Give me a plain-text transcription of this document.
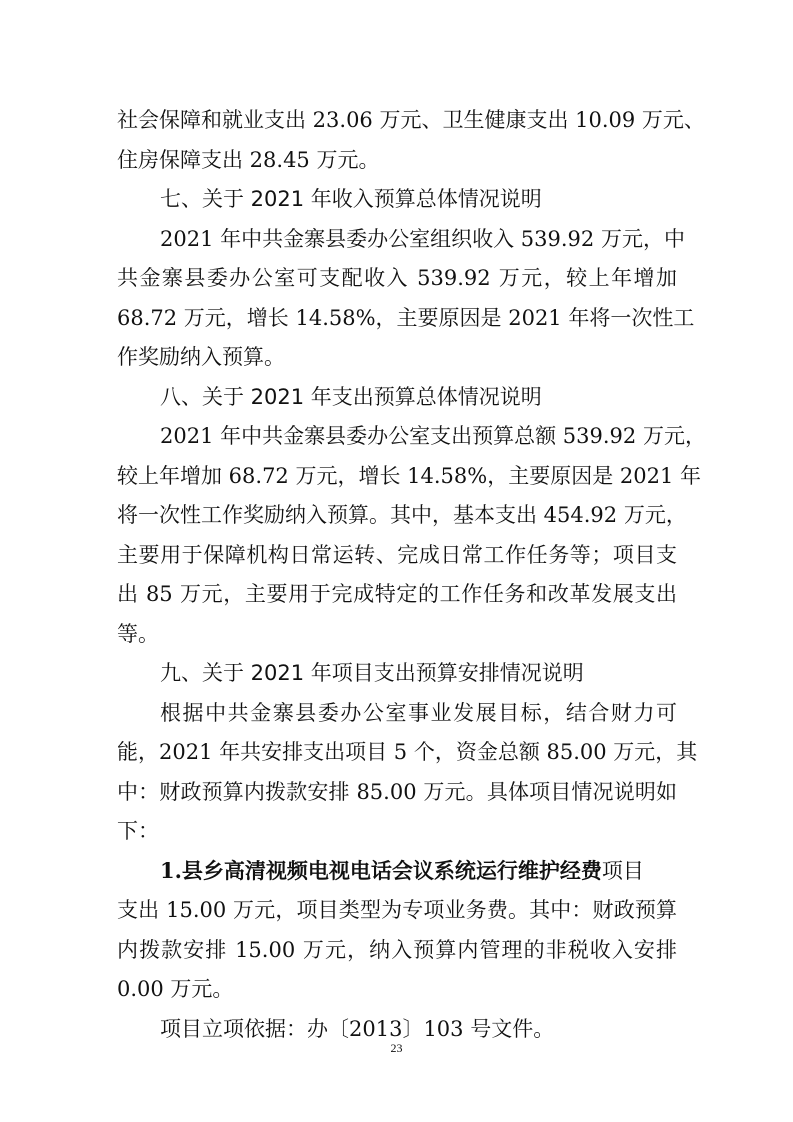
社会保障和就业支出 23.06 万元、卫生健康支出 10.09 万元、
住房保障支出 28.45 万元。
七、关于 2021 年收入预算总体情况说明
2021 年中共金寨县委办公室组织收入 539.92 万元，中
共金寨县委办公室可支配收入 539.92 万元，较上年增加
68.72 万元，增长 14.58%，主要原因是 2021 年将一次性工
作奖励纳入预算。
八、关于 2021 年支出预算总体情况说明
2021 年中共金寨县委办公室支出预算总额 539.92 万元，
较上年增加 68.72 万元，增长 14.58%，主要原因是 2021 年
将一次性工作奖励纳入预算。其中，基本支出 454.92 万元，
主要用于保障机构日常运转、完成日常工作任务等；项目支
出 85 万元，主要用于完成特定的工作任务和改革发展支出
等。
九、关于 2021 年项目支出预算安排情况说明
根据中共金寨县委办公室事业发展目标，结合财力可
能，2021 年共安排支出项目 5 个，资金总额 85.00 万元，其
中：财政预算内拨款安排 85.00 万元。具体项目情况说明如
下：
1.县乡高清视频电视电话会议系统运行维护经费项目
支出 15.00 万元，项目类型为专项业务费。其中：财政预算
内拨款安排 15.00 万元，纳入预算内管理的非税收入安排
0.00 万元。
项目立项依据：办〔2013〕103 号文件。
23
